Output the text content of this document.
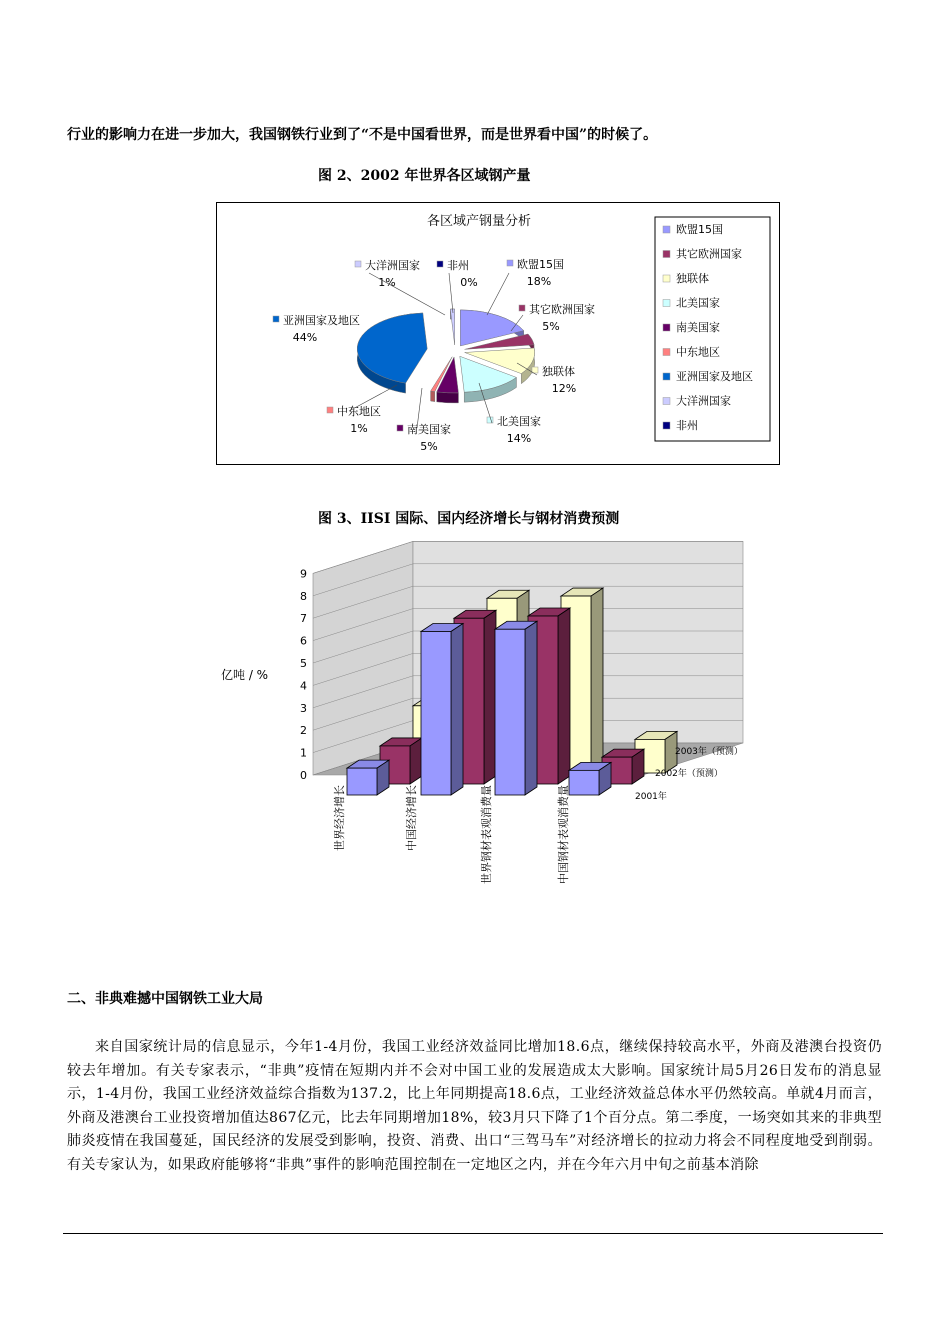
行业的影响力在进一步加大，我国钢铁行业到了“不是中国看世界，而是世界看中国”的时候了。
图 2、2002 年世界各区域钢产量
各区域产钢量分析
欧盟15国
18%
其它欧洲国家
5%
独联体
12%
北美国家
14%
南美国家
5%
中东地区
1%
亚洲国家及地区
44%
大洋洲国家
1%
非州
0%
欧盟15国
其它欧洲国家
独联体
北美国家
南美国家
中东地区
亚洲国家及地区
大洋洲国家
非州
图 3、IISI 国际、国内经济增长与钢材消费预测
0
1
2
3
4
5
6
7
8
9
亿吨 / %
2001年
2002年（预测）
2003年（预测）
世界经济增长	中国经济增长	世界钢材表观消费量	中国钢材表观消费量
二、非典难撼中国钢铁工业大局

来自国家统计局的信息显示，今年1-4月份，我国工业经济效益同比增加18.6点，继续保持较高水平，外商及港澳台投资仍较去年增加。有关专家表示，“非典”疫情在短期内并不会对中国工业的发展造成太大影响。国家统计局5月26日发布的消息显示，1-4月份，我国工业经济效益综合指数为137.2，比上年同期提高18.6点，工业经济效益总体水平仍然较高。单就4月而言，外商及港澳台工业投资增加值达867亿元，比去年同期增加18%，较3月只下降了1个百分点。第二季度，一场突如其来的非典型肺炎疫情在我国蔓延，国民经济的发展受到影响，投资、消费、出口“三驾马车”对经济增长的拉动力将会不同程度地受到削弱。有关专家认为，如果政府能够将“非典”事件的影响范围控制在一定地区之内，并在今年六月中旬之前基本消除
